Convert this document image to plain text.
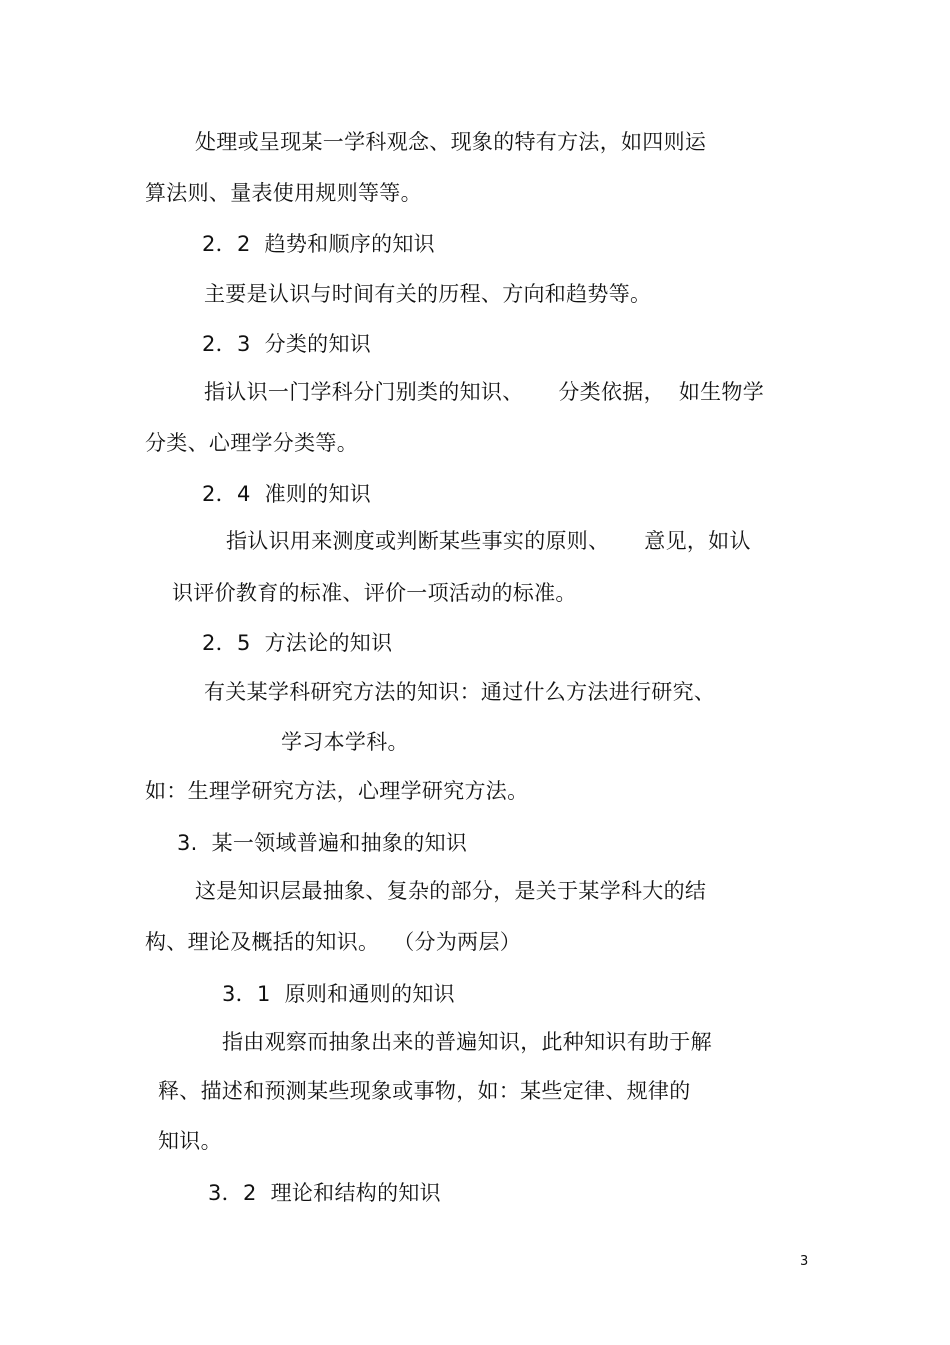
处理或呈现某一学科观念、现象的特有方法，如四则运
算法则、量表使用规则等等。
2．2  趋势和顺序的知识
主要是认识与时间有关的历程、方向和趋势等。
2．3  分类的知识
指认识一门学科分门别类的知识、     分类依据，  如生物学
分类、心理学分类等。
2．4  准则的知识
指认识用来测度或判断某些事实的原则、     意见，如认
识评价教育的标准、评价一项活动的标准。
2．5  方法论的知识
有关某学科研究方法的知识：通过什么方法进行研究、
学习本学科。
如：生理学研究方法，心理学研究方法。
3.  某一领域普遍和抽象的知识
这是知识层最抽象、复杂的部分，是关于某学科大的结
构、理论及概括的知识。  （分为两层）
3．1  原则和通则的知识
指由观察而抽象出来的普遍知识，此种知识有助于解
释、描述和预测某些现象或事物，如：某些定律、规律的
知识。
3．2  理论和结构的知识
3
